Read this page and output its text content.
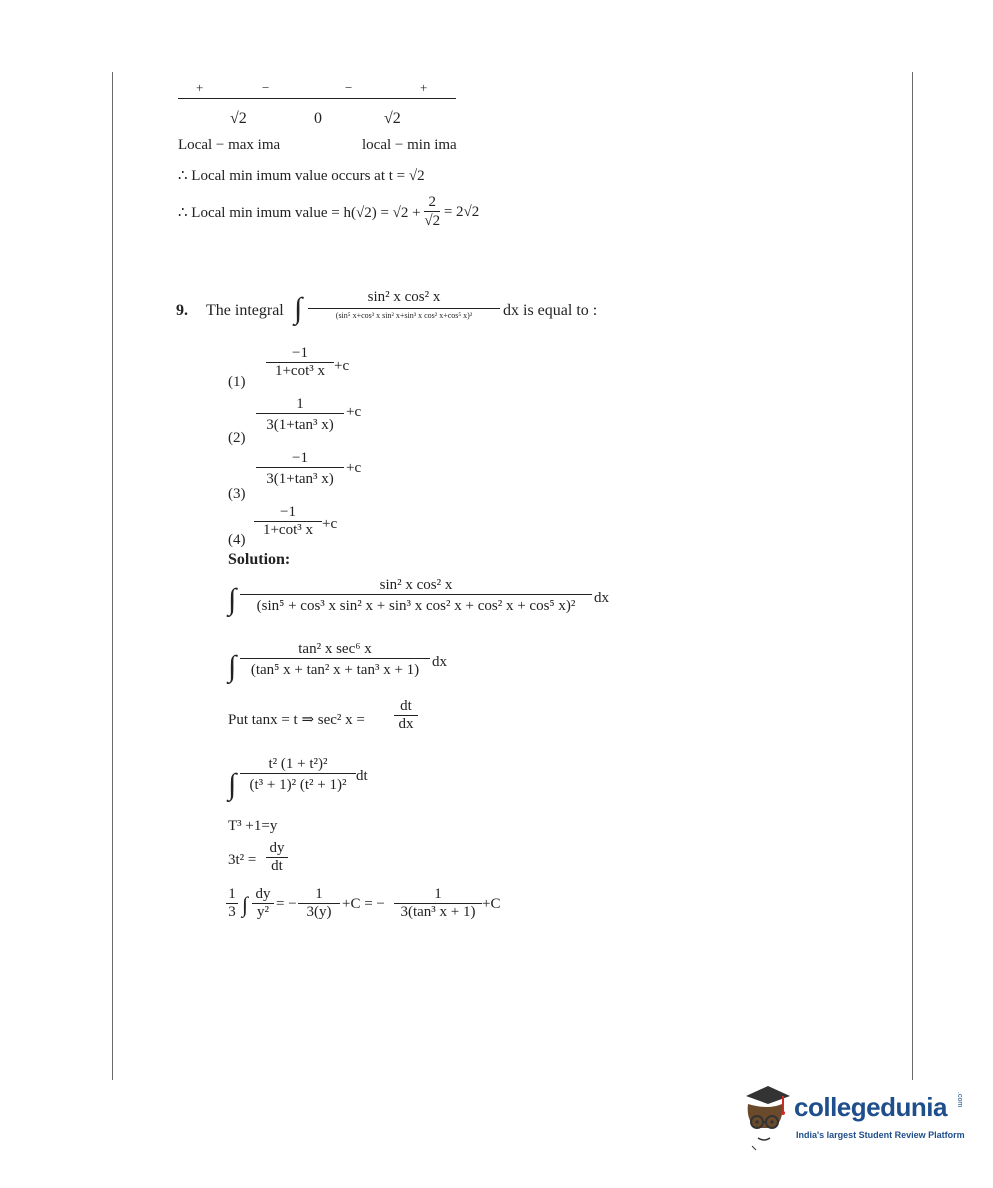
+	−	−	+
√2	0	√2
Local − max ima	local − min ima
∴ Local min imum value occurs at t = √2
∴ Local min imum value = $h(√2) = √2 + \frac{2}{√2} = 2√2$
9. The integral ∫	sin² x cos² x
(sin⁵ x+cos³ x sin² x+sin³ x cos² x+cos⁵ x)²	dx is equal to :
(1)
$\frac{-1}{\text{1+cot³ x}} +c$
(2)
$\frac{1}{\text{3(1+tan³ x)}} +c$
(3)
$\frac{-1}{\text{3(1+tan³ x)}} +c$
(4)
$\frac{-1}{\text{1+cot³ x}} +c$
Solution:
∫ $\frac{\text{sin² x cos² x}}{\text{(sin⁵ + cos³ x sin² x + sin³ x cos² x + cos² x + cos⁵ x)²}}$ dx
∫
tan² x sec⁶ x
(tan⁵ x + tan² x + tan³ x + 1) dx
Put tanx = t ⇒ sec² $x = \frac{dt}{dx}$
∫ $\frac{\text{t² (1 + t²)²}}{\text{(t³ + 1)² (t² + 1)²}}$ dt
T³ +1=y
$3t^2 = \frac{dy}{dt}$
$\frac{1}{3}$ ∫ $\frac{dy}{\text{y²}}$ = − $\frac{1}{3(y)} +C$ = − $\frac{1}{\text{3(tan³ x + 1)}} +C$
collegedunia .com
India's largest Student Review Platform
